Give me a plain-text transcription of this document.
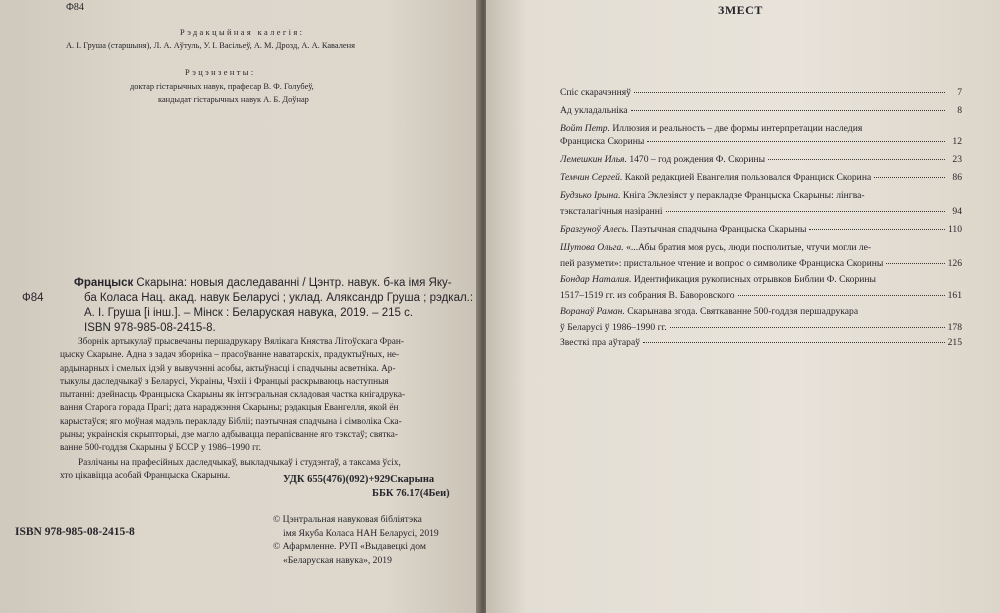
Ф84
Рэдакцыйная калегія:
А. І. Груша (старшыня), Л. А. Аўтуль, У. І. Васільеў, А. М. Дрозд, А. А. Каваленя
Рэцэнзенты:
доктар гістарычных навук, прафесар В. Ф. Голубеў,
кандыдат гістарычных навук А. Б. Доўнар
Ф84
Францыск Скарына: новыя даследаванні / Цэнтр. навук. б-ка імя Яку-
ба Коласа Нац. акад. навук Беларусі ; уклад. Аляксандр Груша ; рэдкал.:
А. І. Груша [і інш.]. – Мінск : Беларуская навука, 2019. – 215 с.
ISBN 978-985-08-2415-8.
Зборнік артыкулаў прысвечаны першадрукару Вялікага Княства Літоўскага Фран-
цыску Скарыне. Адна з задач зборніка – прасоўванне наватарскіх, прадуктыўных, не-
ардынарных і смелых ідэй у вывучэнні асобы, актыўнасці і спадчыны асветніка. Ар-
тыкулы даследчыкаў з Беларусі, Украіны, Чэхіі і Францыі раскрываюць наступныя
пытанні: дзейнасць Францыска Скарыны як інтэгральная складовая частка кнігадрука-
вання Старога горада Прагі; дата нараджэння Скарыны; рэдакцыя Евангелля, якой ён
карыстаўся; яго моўная мадэль перакладу Бібліі; паэтычная спадчына і сімволіка Ска-
рыны; украінскія скрыпторыі, дзе магло адбывацца перапісванне яго тэкстаў; святка-
ванне 500-годдзя Скарыны ў БССР у 1986–1990 гг.
Разлічаны на прафесійных даследчыкаў, выкладчыкаў і студэнтаў, а таксама ўсіх,
хто цікавіцца асобай Францыска Скарыны.	УДК 655(476)(092)+929Скарына
ББК 76.17(4Беи)
ISBN 978-985-08-2415-8
© Цэнтральная навуковая бібліятэка
імя Якуба Коласа НАН Беларусі, 2019
© Афармленне. РУП «Выдавецкі дом
«Беларуская навука», 2019
ЗМЕСТ
Спіс скарачэнняў	7
Ад укладальніка	8
Войт Петр. Иллюзия и реальность – две формы интерпретации наследия
Франциска Скорины	12
Лемешкин Илья. 1470 – год рождения Ф. Скорины	23
Темчин Сергей. Какой редакцией Евангелия пользовался Франциск Скорина	86
Будзько Ірына. Кніга Эклезіяст у перакладзе Францыска Скарыны: лінгва-
тэксталагічныя назіранні	94
Бразгуноў Алесь. Паэтычная спадчына Францыска Скарыны	110
Шутова Ольга. «...Абы братия моя русь, люди посполитые, чтучи могли ле-
пей разумети»: пристальное чтение и вопрос о символике Франциска Скорины	126
Бондар Наталия. Идентификация рукописных отрывков Библии Ф. Скорины
1517–1519 гг. из собрания В. Баворовского	161
Воранаў Раман. Скарынава згода. Святкаванне 500-годдзя першадрукара
ў Беларусі ў 1986–1990 гг.	178
Звесткі пра аўтараў	215
